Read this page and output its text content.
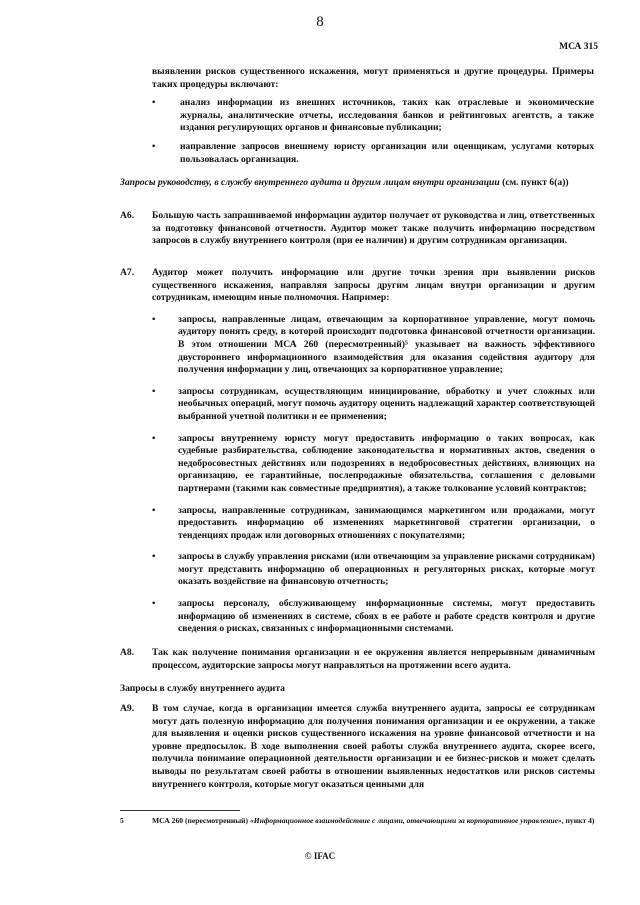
8
МСА 315

выявлении рисков существенного искажения, могут применяться и другие процедуры. Примеры таких процедуры включают:

•	анализ информации из внешних источников, таких как отраслевые и экономические журналы, аналитические отчеты, исследования банков и рейтинговых агентств, а также издания регулирующих органов и финансовые публикации;
•	направление запросов внешнему юристу организации или оценщикам, услугами которых пользовалась организация.
Запросы руководству, в службу внутреннего аудита и другим лицам внутри организации (см. пункт 6(а))
A6. Большую часть запрашиваемой информации аудитор получает от руководства и лиц, ответственных за подготовку финансовой отчетности. Аудитор может также получить информацию посредством запросов в службу внутреннего контроля (при ее наличии) и другим сотрудникам организации.

A7. Аудитор может получить информацию или другие точки зрения при выявлении рисков существенного искажения, направляя запросы другим лицам внутри организации и другим сотрудникам, имеющим иные полномочия. Например:

• запросы, направленные лицам, отвечающим за корпоративное управление, могут помочь аудитору понять среду, в которой происходит подготовка финансовой отчетности организации. В этом отношении МСА 260 (пересмотренный)⁵ указывает на важность эффективного двустороннего информационного взаимодействия для оказания содействия аудитору для получения информации у лиц, отвечающих за корпоративное управление;
• запросы сотрудникам, осуществляющим инициирование, обработку и учет сложных или необычных операций, могут помочь аудитору оценить надлежащий характер соответствующей выбранной учетной политики и ее применения;
• запросы внутреннему юристу могут предоставить информацию о таких вопросах, как судебные разбирательства, соблюдение законодательства и нормативных актов, сведения о недобросовестных действиях или подозрениях в недобросовестных действиях, влияющих на организацию, ее гарантийные, послепродажные обязательства, соглашения с деловыми партнерами (такими как совместные предприятия), а также толкование условий контрактов;
• запросы, направленные сотрудникам, занимающимся маркетингом или продажами, могут предоставить информацию об изменениях маркетинговой стратегии организации, о тенденциях продаж или договорных отношениях с покупателями;
• запросы в службу управления рисками (или отвечающим за управление рисками сотрудникам) могут представить информацию об операционных и регуляторных рисках, которые могут оказать воздействие на финансовую отчетность;
• запросы персоналу, обслуживающему информационные системы, могут предоставить информацию об изменениях в системе, сбоях в ее работе и работе средств контроля и другие сведения о рисках, связанных с информационными системами.
A8. Так как получение понимания организации и ее окружения является непрерывным динамичным процессом, аудиторские запросы могут направляться на протяжении всего аудита.

Запросы в службу внутреннего аудита
A9. В том случае, когда в организации имеется служба внутреннего аудита, запросы ее сотрудникам могут дать полезную информацию для получения понимания организации и ее окружении, а также для выявления и оценки рисков существенного искажения на уровне финансовой отчетности и на уровне предпосылок. В ходе выполнения своей работы служба внутреннего аудита, скорее всего, получила понимание операционной деятельности организации и ее бизнес-рисков и может сделать выводы по результатам своей работы в отношении выявленных недостатков или рисков системы внутреннего контроля, которые могут оказаться ценными для

5	МСА 260 (пересмотренный) «Информационное взаимодействие с лицами, отвечающими за корпоративное управление», пункт 4)
© IFAC
